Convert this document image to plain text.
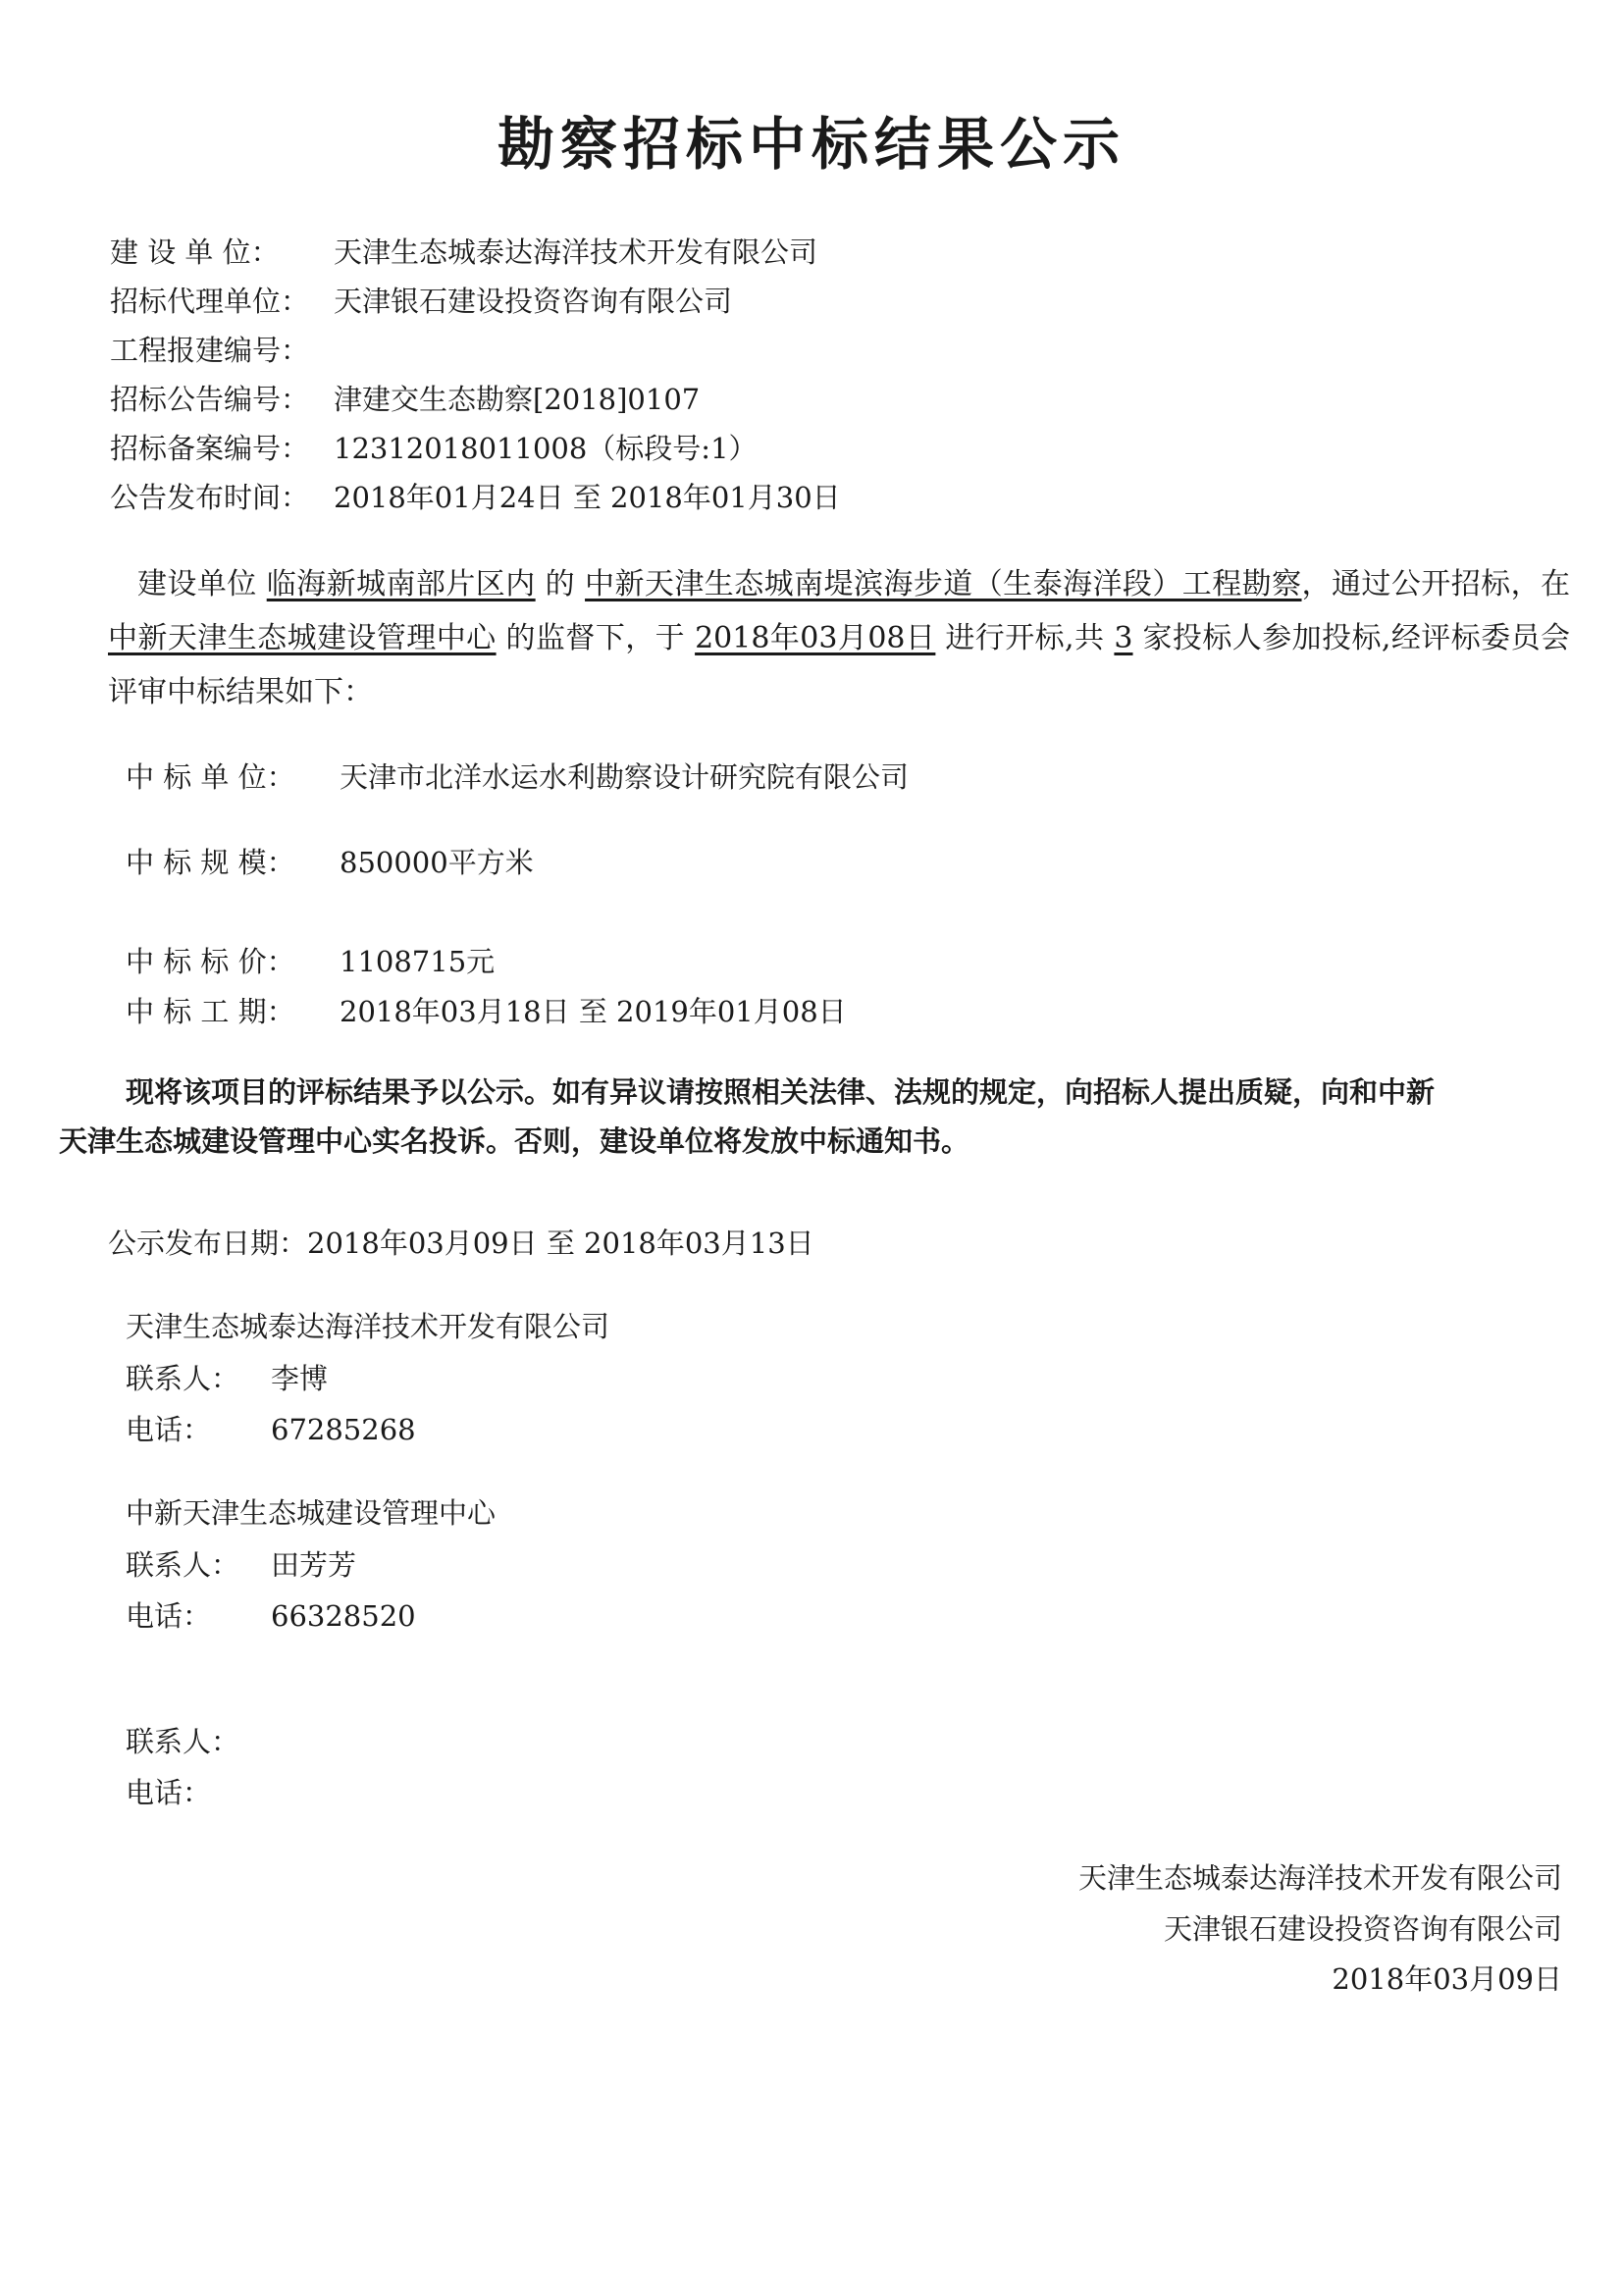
勘察招标中标结果公示
建 设 单 位： 天津生态城泰达海洋技术开发有限公司
招标代理单位： 天津银石建设投资咨询有限公司
工程报建编号：
招标公告编号： 津建交生态勘察[2018]0107
招标备案编号： 12312018011008（标段号:1）
公告发布时间： 2018年01月24日 至 2018年01月30日
建设单位 临海新城南部片区内 的 中新天津生态城南堤滨海步道（生泰海洋段）工程勘察，通过公开招标，在 中新天津生态城建设管理中心 的监督下，于 2018年03月08日 进行开标,共 3 家投标人参加投标,经评标委员会评审中标结果如下：
中 标 单 位： 天津市北洋水运水利勘察设计研究院有限公司
中 标 规 模： 850000平方米
中 标 标 价： 1108715元
中 标 工 期： 2018年03月18日 至 2019年01月08日
现将该项目的评标结果予以公示。如有异议请按照相关法律、法规的规定，向招标人提出质疑，向和中新天津生态城建设管理中心实名投诉。否则，建设单位将发放中标通知书。
公示发布日期：2018年03月09日 至 2018年03月13日
天津生态城泰达海洋技术开发有限公司
联系人： 李博
电话： 67285268
中新天津生态城建设管理中心
联系人： 田芳芳
电话： 66328520
联系人：
电话：
天津生态城泰达海洋技术开发有限公司
天津银石建设投资咨询有限公司
2018年03月09日
